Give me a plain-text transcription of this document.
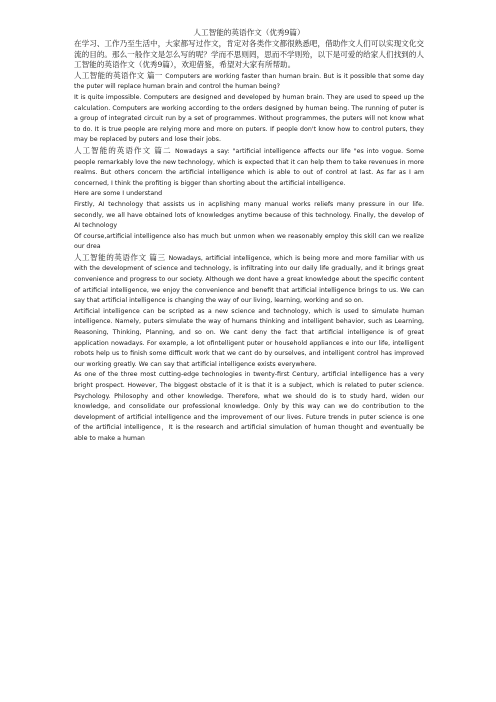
人工智能的英语作文（优秀9篇）

在学习、工作乃至生活中，大家都写过作文，肯定对各类作文都很熟悉吧，借助作文人们可以实现文化交流的目的。那么一般作文是怎么写的呢？学而不思则罔，思而不学则殆，以下是可爱的给家人们找到的人工智能的英语作文（优秀9篇），欢迎借鉴，希望对大家有所帮助。

人工智能的英语作文 篇一 Computers are working faster than human brain. But is it possible that some day the puter will replace human brain and control the human being?

It is quite impossible. Computers are designed and developed by human brain. They are used to speed up the calculation. Computers are working according to the orders designed by human being. The running of puter is a group of integrated circuit run by a set of programmes. Without programmes, the puters will not know what to do. It is true people are relying more and more on puters. If people don't know how to control puters, they may be replaced by puters and lose their jobs.

人工智能的英语作文 篇二 Nowadays a say: "artificial intelligence affects our life "es into vogue. Some people remarkably love the new technology, which is expected that it can help them to take revenues in more realms. But others concern the artificial intelligence which is able to out of control at last. As far as I am concerned, I think the profiting is bigger than shorting about the artificial intelligence.

Here are some I understand

Firstly, AI technology that assists us in acplishing many manual works reliefs many pressure in our life. secondly, we all have obtained lots of knowledges anytime because of this technology. Finally, the develop of AI technology

Of course,artificial intelligence also has much but unmon when we reasonably employ this skill can we realize our drea

人工智能的英语作文 篇三 Nowadays, artificial intelligence, which is being more and more familiar with us with the development of science and technology, is infiltrating into our daily life gradually, and it brings great convenience and progress to our society. Although we dont have a great knowledge about the specific content of artificial intelligence, we enjoy the convenience and benefit that artificial intelligence brings to us. We can say that artificial intelligence is changing the way of our living, learning, working and so on.

Artificial intelligence can be scripted as a new science and technology, which is used to simulate human intelligence. Namely, puters simulate the way of humans thinking and intelligent behavior, such as Learning, Reasoning, Thinking, Planning, and so on. We cant deny the fact that artificial intelligence is of great application nowadays. For example, a lot ofintelligent puter or household appliances e into our life, intelligent robots help us to finish some difficult work that we cant do by ourselves, and intelligent control has improved our working greatly. We can say that artificial intelligence exists everywhere.

As one of the three most cutting-edge technologies in twenty-first Century, artificial intelligence has a very bright prospect. However, The biggest obstacle of it is that it is a subject, which is related to puter science. Psychology. Philosophy and other knowledge. Therefore, what we should do is to study hard, widen our knowledge, and consolidate our professional knowledge. Only by this way can we do contribution to the development of artificial intelligence and the improvement of our lives. Future trends in puter science is one of the artificial intelligence，It is the research and artificial simulation of human thought and eventually be able to make a human
